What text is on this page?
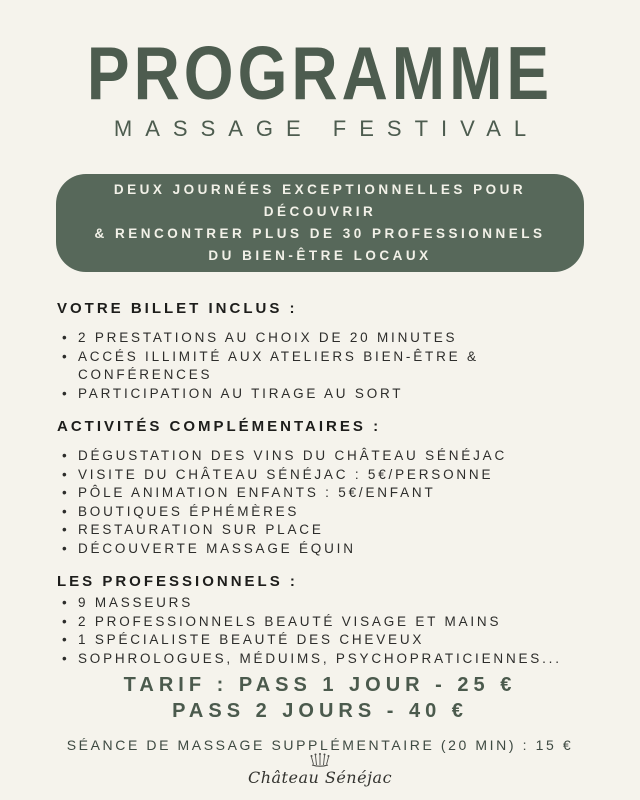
PROGRAMME
MASSAGE FESTIVAL
DEUX JOURNÉES EXCEPTIONNELLES POUR DÉCOUVRIR
& RENCONTRER PLUS DE 30 PROFESSIONNELS
DU BIEN-ÊTRE LOCAUX
VOTRE BILLET INCLUS :
• 2 PRESTATIONS AU CHOIX DE 20 MINUTES
• ACCÉS ILLIMITÉ AUX ATELIERS BIEN-ÊTRE & CONFÉRENCES
• PARTICIPATION AU TIRAGE AU SORT
ACTIVITÉS COMPLÉMENTAIRES :
• DÉGUSTATION DES VINS DU CHÂTEAU SÉNÉJAC
• VISITE DU CHÂTEAU SÉNÉJAC : 5€/PERSONNE
• PÔLE ANIMATION ENFANTS : 5€/ENFANT
• BOUTIQUES ÉPHÉMÈRES
• RESTAURATION SUR PLACE
• DÉCOUVERTE MASSAGE ÉQUIN
LES PROFESSIONNELS :
• 9 MASSEURS
• 2 PROFESSIONNELS BEAUTÉ VISAGE ET MAINS
• 1 SPÉCIALISTE BEAUTÉ DES CHEVEUX
• SOPHROLOGUES, MÉDUIMS, PSYCHOPRATICIENNES...
TARIF : PASS 1 JOUR - 25 €
PASS 2 JOURS - 40 €
SÉANCE DE MASSAGE SUPPLÉMENTAIRE (20 MIN) : 15 €
Château Sénéjac
